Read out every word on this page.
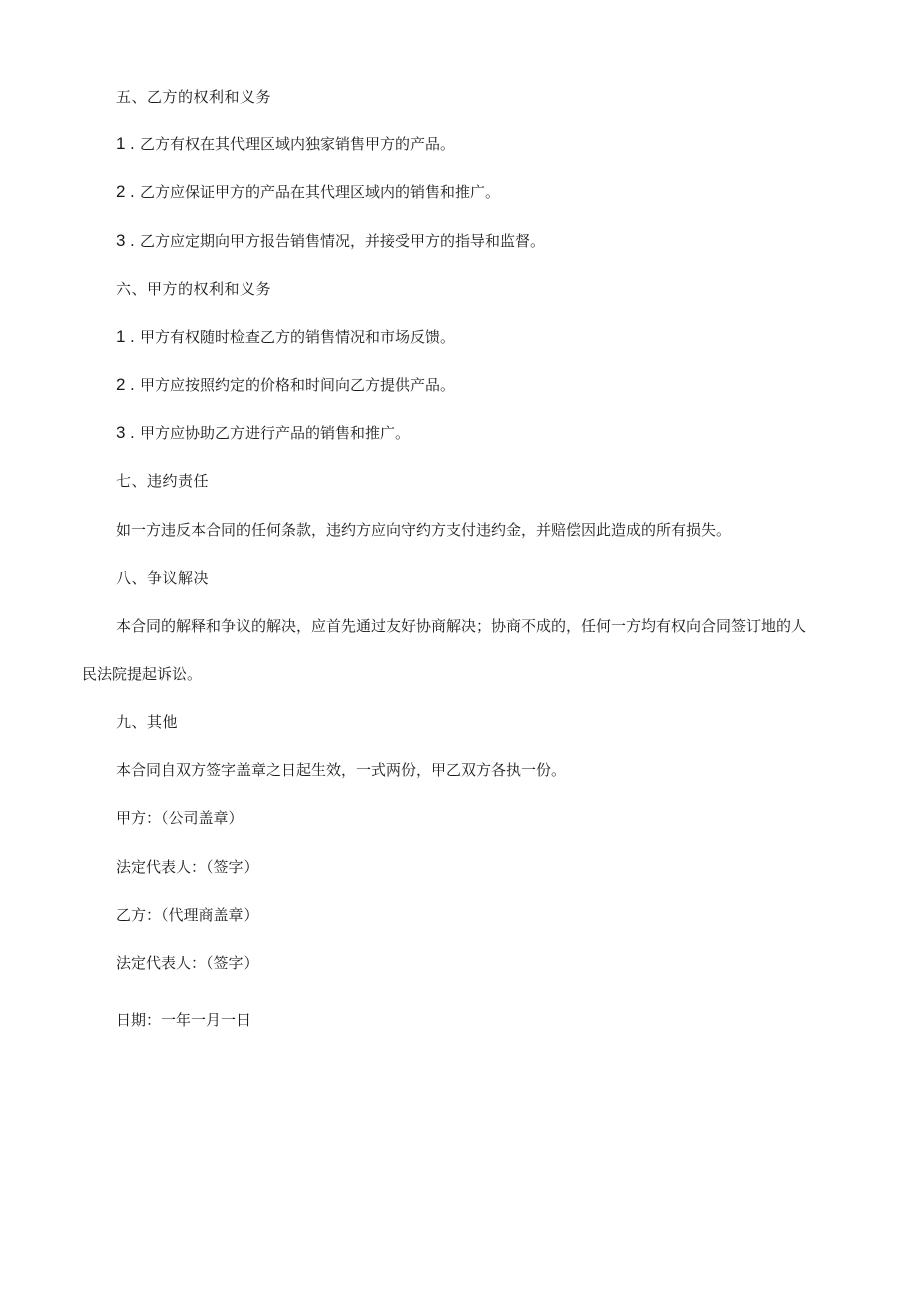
五、乙方的权利和义务
1 . 乙方有权在其代理区域内独家销售甲方的产品。
2 . 乙方应保证甲方的产品在其代理区域内的销售和推广。
3 . 乙方应定期向甲方报告销售情况，并接受甲方的指导和监督。
六、甲方的权利和义务
1 . 甲方有权随时检查乙方的销售情况和市场反馈。
2 . 甲方应按照约定的价格和时间向乙方提供产品。
3 . 甲方应协助乙方进行产品的销售和推广。
七、违约责任
如一方违反本合同的任何条款，违约方应向守约方支付违约金，并赔偿因此造成的所有损失。
八、争议解决
本合同的解释和争议的解决，应首先通过友好协商解决；协商不成的，任何一方均有权向合同签订地的人
民法院提起诉讼。
九、其他
本合同自双方签字盖章之日起生效，一式两份，甲乙双方各执一份。
甲方：（公司盖章）
法定代表人：（签字）
乙方：（代理商盖章）
法定代表人：（签字）
日期：一年一月一日
